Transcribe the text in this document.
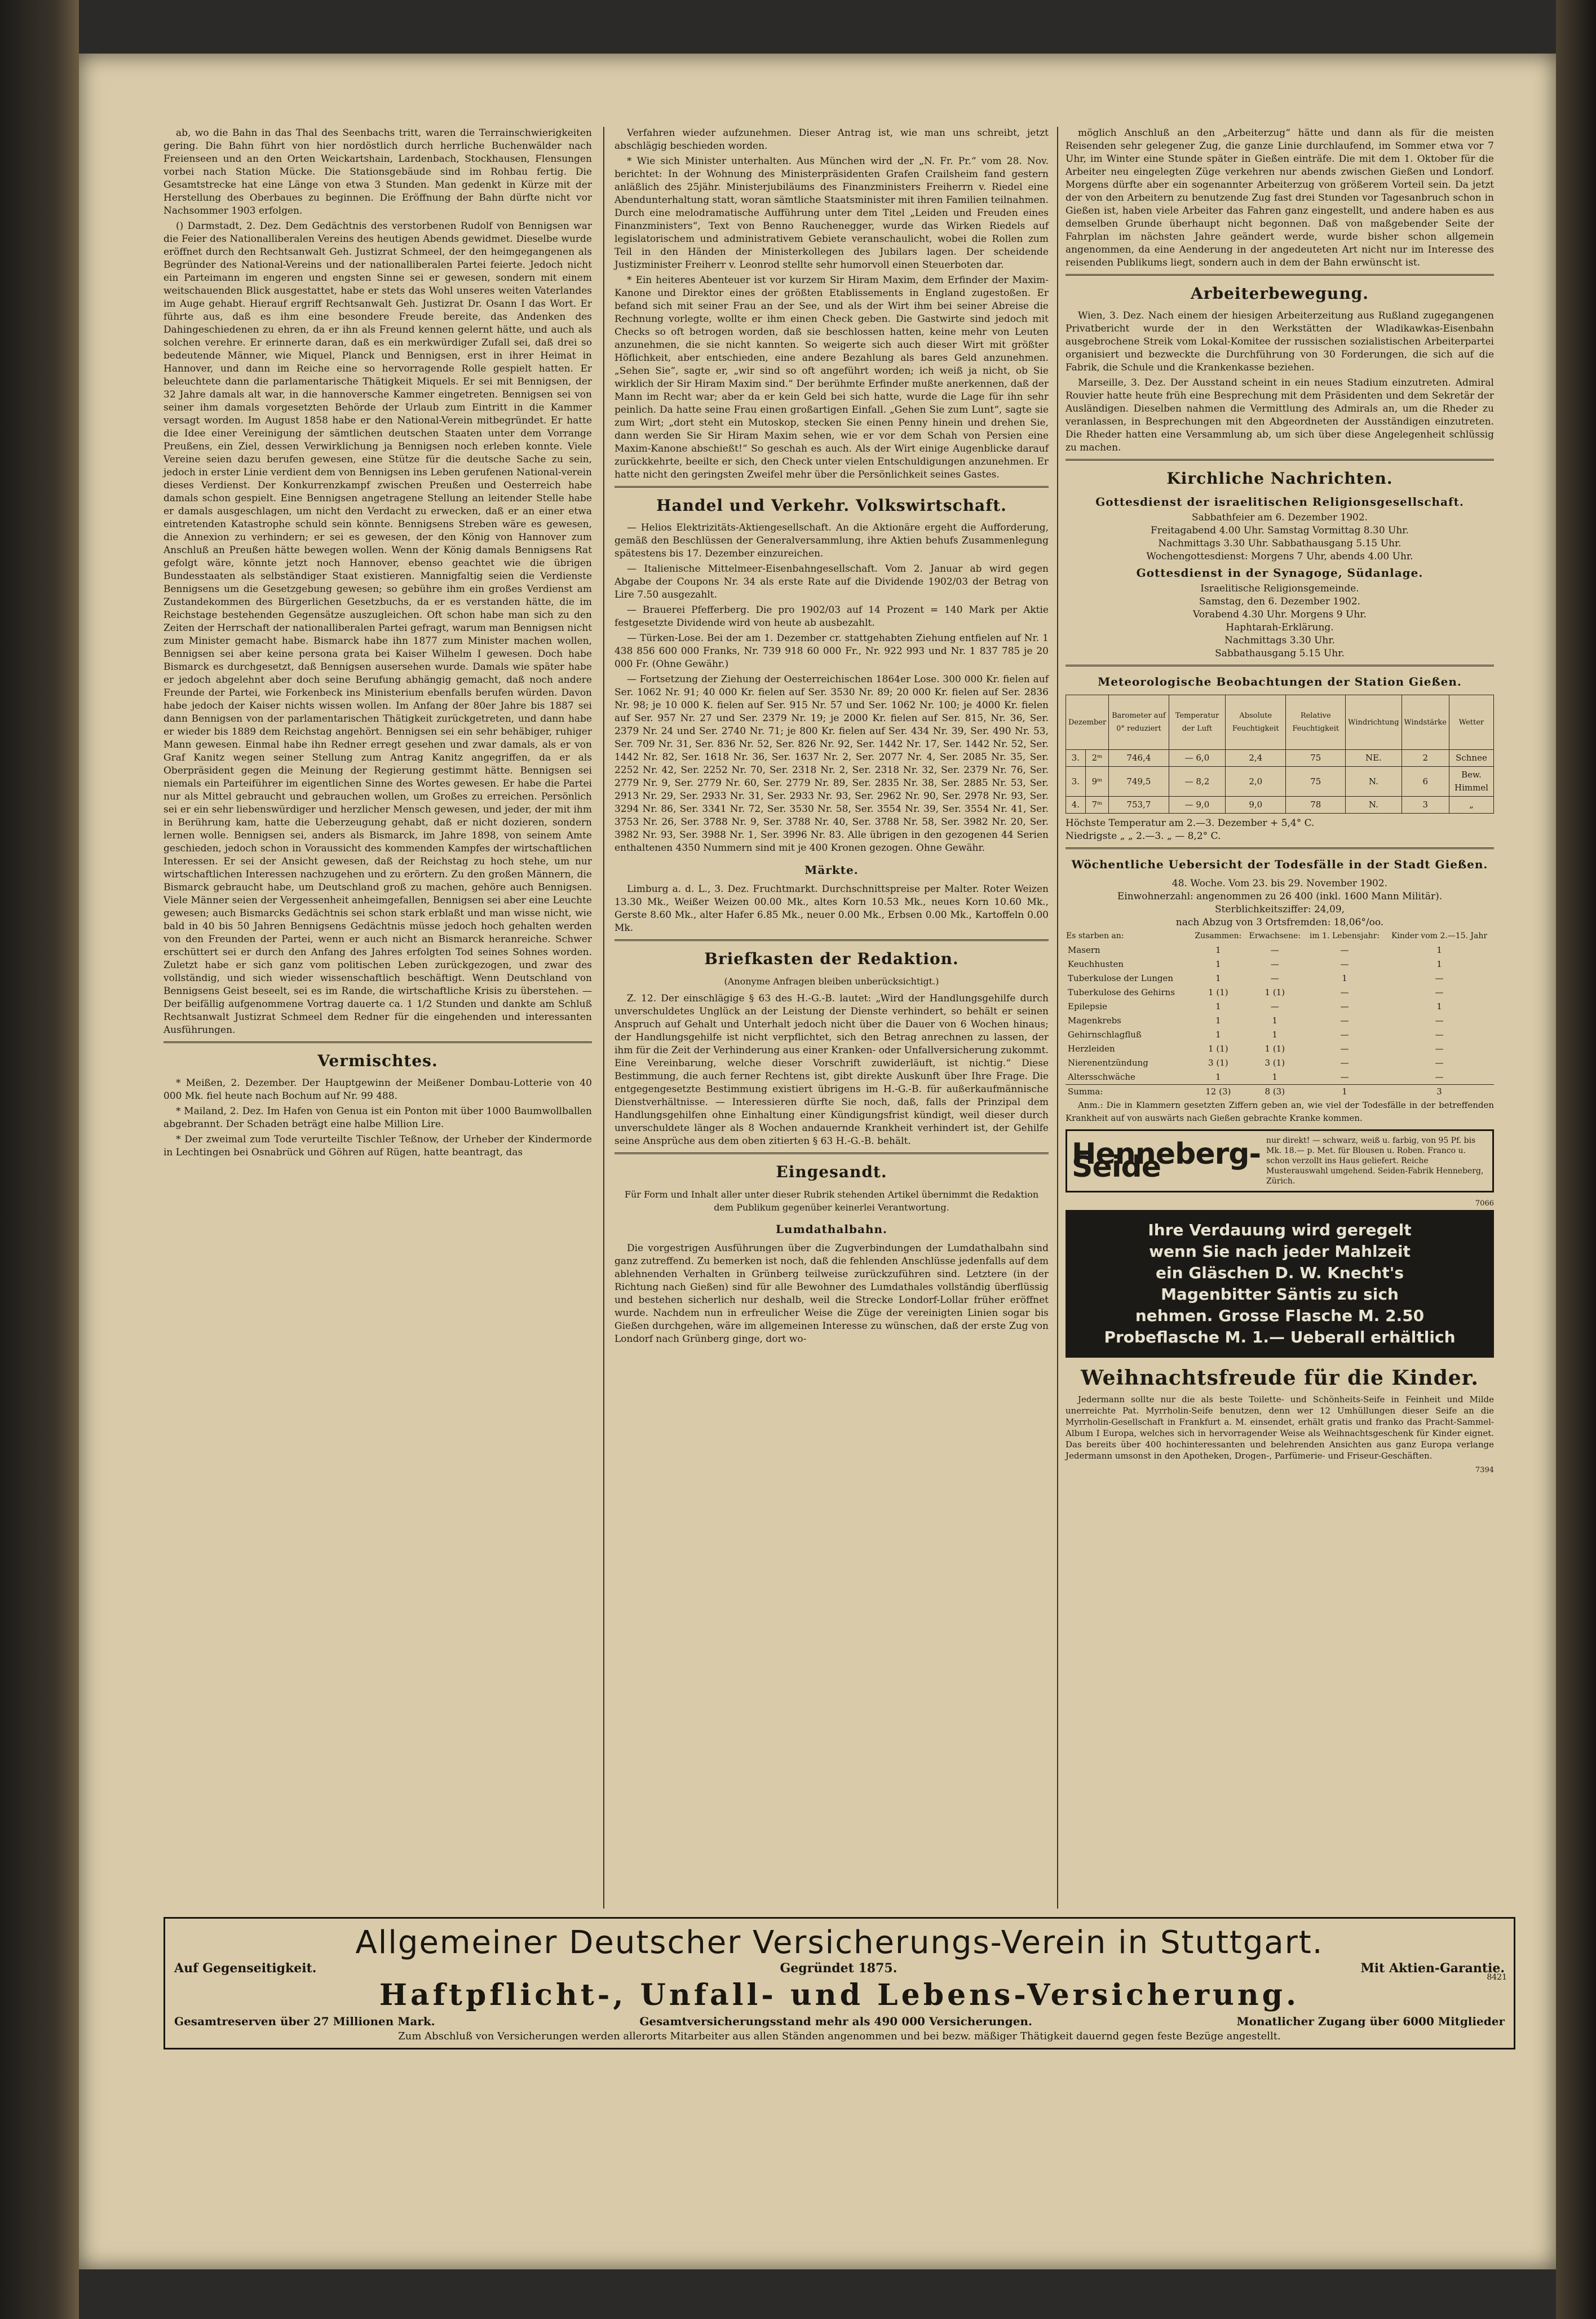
ab, wo die Bahn in das Thal des Seenbachs tritt, waren die Terrainschwierigkeiten gering. Die Bahn führt von hier nordöstlich durch herrliche Buchenwälder nach Freienseen und an den Orten Weickartshain, Lardenbach, Stockhausen, Flensungen vorbei nach Station Mücke. Die Stationsgebäude sind im Rohbau fertig. Die Gesamtstrecke hat eine Länge von etwa 3 Stunden. Man gedenkt in Kürze mit der Herstellung des Oberbaues zu beginnen. Die Eröffnung der Bahn dürfte nicht vor Nachsommer 1903 erfolgen.

() Darmstadt, 2. Dez. Dem Gedächtnis des verstorbenen Rudolf von Bennigsen war die Feier des Nationalliberalen Vereins des heutigen Abends gewidmet. Dieselbe wurde eröffnet durch den Rechtsanwalt Geh. Justizrat Schmeel, der den heimgegangenen als Begründer des National-Vereins und der nationalliberalen Partei feierte. Jedoch nicht ein Parteimann im engeren und engsten Sinne sei er gewesen, sondern mit einem weitschauenden Blick ausgestattet, habe er stets das Wohl unseres weiten Vaterlandes im Auge gehabt. Hierauf ergriff Rechtsanwalt Geh. Justizrat Dr. Osann I das Wort. Er führte aus, daß es ihm eine besondere Freude bereite, das Andenken des Dahingeschiedenen zu ehren, da er ihn als Freund kennen gelernt hätte, und auch als solchen verehre. Er erinnerte daran, daß es ein merkwürdiger Zufall sei, daß drei so bedeutende Männer, wie Miquel, Planck und Bennigsen, erst in ihrer Heimat in Hannover, und dann im Reiche eine so hervorragende Rolle gespielt hatten. Er beleuchtete dann die parlamentarische Thätigkeit Miquels. Er sei mit Bennigsen, der 32 Jahre damals alt war, in die hannoversche Kammer eingetreten. Bennigsen sei von seiner ihm damals vorgesetzten Behörde der Urlaub zum Eintritt in die Kammer versagt worden. Im August 1858 habe er den National-Verein mitbegründet. Er hatte die Idee einer Vereinigung der sämtlichen deutschen Staaten unter dem Vorrange Preußens, ein Ziel, dessen Verwirklichung ja Bennigsen noch erleben konnte. Viele Vereine seien dazu berufen gewesen, eine Stütze für die deutsche Sache zu sein, jedoch in erster Linie verdient dem von Bennigsen ins Leben gerufenen National-verein dieses Verdienst. Der Konkurrenzkampf zwischen Preußen und Oesterreich habe damals schon gespielt. Eine Bennigsen angetragene Stellung an leitender Stelle habe er damals ausgeschlagen, um nicht den Verdacht zu erwecken, daß er an einer etwa eintretenden Katastrophe schuld sein könnte. Bennigsens Streben wäre es gewesen, die Annexion zu verhindern; er sei es gewesen, der den König von Hannover zum Anschluß an Preußen hätte bewegen wollen. Wenn der König damals Bennigsens Rat gefolgt wäre, könnte jetzt noch Hannover, ebenso geachtet wie die übrigen Bundesstaaten als selbständiger Staat existieren. Mannigfaltig seien die Verdienste Bennigsens um die Gesetzgebung gewesen; so gebühre ihm ein großes Verdienst am Zustandekommen des Bürgerlichen Gesetzbuchs, da er es verstanden hätte, die im Reichstage bestehenden Gegensätze auszugleichen. Oft schon habe man sich zu den Zeiten der Herrschaft der nationalliberalen Partei gefragt, warum man Bennigsen nicht zum Minister gemacht habe. Bismarck habe ihn 1877 zum Minister machen wollen, Bennigsen sei aber keine persona grata bei Kaiser Wilhelm I gewesen. Doch habe Bismarck es durchgesetzt, daß Bennigsen ausersehen wurde. Damals wie später habe er jedoch abgelehnt aber doch seine Berufung abhängig gemacht, daß noch andere Freunde der Partei, wie Forkenbeck ins Ministerium ebenfalls berufen würden. Davon habe jedoch der Kaiser nichts wissen wollen. Im Anfang der 80er Jahre bis 1887 sei dann Bennigsen von der parlamentarischen Thätigkeit zurückgetreten, und dann habe er wieder bis 1889 dem Reichstag angehört. Bennigsen sei ein sehr behäbiger, ruhiger Mann gewesen. Einmal habe ihn Redner erregt gesehen und zwar damals, als er von Graf Kanitz wegen seiner Stellung zum Antrag Kanitz angegriffen, da er als Oberpräsident gegen die Meinung der Regierung gestimmt hätte. Bennigsen sei niemals ein Parteiführer im eigentlichen Sinne des Wortes gewesen. Er habe die Partei nur als Mittel gebraucht und gebrauchen wollen, um Großes zu erreichen. Persönlich sei er ein sehr liebenswürdiger und herzlicher Mensch gewesen, und jeder, der mit ihm in Berührung kam, hatte die Ueberzeugung gehabt, daß er nicht dozieren, sondern lernen wolle. Bennigsen sei, anders als Bismarck, im Jahre 1898, von seinem Amte geschieden, jedoch schon in Voraussicht des kommenden Kampfes der wirtschaftlichen Interessen. Er sei der Ansicht gewesen, daß der Reichstag zu hoch stehe, um nur wirtschaftlichen Interessen nachzugehen und zu erörtern. Zu den großen Männern, die Bismarck gebraucht habe, um Deutschland groß zu machen, gehöre auch Bennigsen. Viele Männer seien der Vergessenheit anheimgefallen, Bennigsen sei aber eine Leuchte gewesen; auch Bismarcks Gedächtnis sei schon stark erblaßt und man wisse nicht, wie bald in 40 bis 50 Jahren Bennigsens Gedächtnis müsse jedoch hoch gehalten werden von den Freunden der Partei, wenn er auch nicht an Bismarck heranreiche. Schwer erschüttert sei er durch den Anfang des Jahres erfolgten Tod seines Sohnes worden. Zuletzt habe er sich ganz vom politischen Leben zurückgezogen, und zwar des vollständig, und sich wieder wissenschaftlich beschäftigt. Wenn Deutschland von Bennigsens Geist beseelt, sei es im Rande, die wirtschaftliche Krisis zu überstehen. — Der beifällig aufgenommene Vortrag dauerte ca. 1 1/2 Stunden und dankte am Schluß Rechtsanwalt Justizrat Schmeel dem Redner für die eingehenden und interessanten Ausführungen.

Vermischtes.

* Meißen, 2. Dezember. Der Hauptgewinn der Meißener Dombau-Lotterie von 40 000 Mk. fiel heute nach Bochum auf Nr. 99 488.

* Mailand, 2. Dez. Im Hafen von Genua ist ein Ponton mit über 1000 Baumwollballen abgebrannt. Der Schaden beträgt eine halbe Million Lire.

* Der zweimal zum Tode verurteilte Tischler Teßnow, der Urheber der Kindermorde in Lechtingen bei Osnabrück und Göhren auf Rügen, hatte beantragt, das

Verfahren wieder aufzunehmen. Dieser Antrag ist, wie man uns schreibt, jetzt abschlägig beschieden worden.

* Wie sich Minister unterhalten. Aus München wird der „N. Fr. Pr.“ vom 28. Nov. berichtet: In der Wohnung des Ministerpräsidenten Grafen Crailsheim fand gestern anläßlich des 25jähr. Ministerjubiläums des Finanzministers Freiherrn v. Riedel eine Abendunterhaltung statt, woran sämtliche Staatsminister mit ihren Familien teilnahmen. Durch eine melodramatische Aufführung unter dem Titel „Leiden und Freuden eines Finanzministers“, Text von Benno Rauchenegger, wurde das Wirken Riedels auf legislatorischem und administrativem Gebiete veranschaulicht, wobei die Rollen zum Teil in den Händen der Ministerkollegen des Jubilars lagen. Der scheidende Justizminister Freiherr v. Leonrod stellte sehr humorvoll einen Steuerboten dar.

* Ein heiteres Abenteuer ist vor kurzem Sir Hiram Maxim, dem Erfinder der Maxim-Kanone und Direktor eines der größten Etablissements in England zugestoßen. Er befand sich mit seiner Frau an der See, und als der Wirt ihm bei seiner Abreise die Rechnung vorlegte, wollte er ihm einen Check geben. Die Gastwirte sind jedoch mit Checks so oft betrogen worden, daß sie beschlossen hatten, keine mehr von Leuten anzunehmen, die sie nicht kannten. So weigerte sich auch dieser Wirt mit größter Höflichkeit, aber entschieden, eine andere Bezahlung als bares Geld anzunehmen. „Sehen Sie“, sagte er, „wir sind so oft angeführt worden; ich weiß ja nicht, ob Sie wirklich der Sir Hiram Maxim sind.“ Der berühmte Erfinder mußte anerkennen, daß der Mann im Recht war; aber da er kein Geld bei sich hatte, wurde die Lage für ihn sehr peinlich. Da hatte seine Frau einen großartigen Einfall. „Gehen Sie zum Lunt“, sagte sie zum Wirt; „dort steht ein Mutoskop, stecken Sie einen Penny hinein und drehen Sie, dann werden Sie Sir Hiram Maxim sehen, wie er vor dem Schah von Persien eine Maxim-Kanone abschießt!“ So geschah es auch. Als der Wirt einige Augenblicke darauf zurückkehrte, beeilte er sich, den Check unter vielen Entschuldigungen anzunehmen. Er hatte nicht den geringsten Zweifel mehr über die Persönlichkeit seines Gastes.

Handel und Verkehr. Volkswirtschaft.

— Helios Elektrizitäts-Aktiengesellschaft. An die Aktionäre ergeht die Aufforderung, gemäß den Beschlüssen der Generalversammlung, ihre Aktien behufs Zusammenlegung spätestens bis 17. Dezember einzureichen.

— Italienische Mittelmeer-Eisenbahngesellschaft. Vom 2. Januar ab wird gegen Abgabe der Coupons Nr. 34 als erste Rate auf die Dividende 1902/03 der Betrag von Lire 7.50 ausgezahlt.

— Brauerei Pfefferberg. Die pro 1902/03 auf 14 Prozent = 140 Mark per Aktie festgesetzte Dividende wird von heute ab ausbezahlt.

— Türken-Lose. Bei der am 1. Dezember cr. stattgehabten Ziehung entfielen auf Nr. 1 438 856 600 000 Franks, Nr. 739 918 60 000 Fr., Nr. 922 993 und Nr. 1 837 785 je 20 000 Fr. (Ohne Gewähr.)

— Fortsetzung der Ziehung der Oesterreichischen 1864er Lose. 300 000 Kr. fielen auf Ser. 1062 Nr. 91; 40 000 Kr. fielen auf Ser. 3530 Nr. 89; 20 000 Kr. fielen auf Ser. 2836 Nr. 98; je 10 000 K. fielen auf Ser. 915 Nr. 57 und Ser. 1062 Nr. 100; je 4000 Kr. fielen auf Ser. 957 Nr. 27 und Ser. 2379 Nr. 19; je 2000 Kr. fielen auf Ser. 815, Nr. 36, Ser. 2379 Nr. 24 und Ser. 2740 Nr. 71; je 800 Kr. fielen auf Ser. 434 Nr. 39, Ser. 490 Nr. 53, Ser. 709 Nr. 31, Ser. 836 Nr. 52, Ser. 826 Nr. 92, Ser. 1442 Nr. 17, Ser. 1442 Nr. 52, Ser. 1442 Nr. 82, Ser. 1618 Nr. 36, Ser. 1637 Nr. 2, Ser. 2077 Nr. 4, Ser. 2085 Nr. 35, Ser. 2252 Nr. 42, Ser. 2252 Nr. 70, Ser. 2318 Nr. 2, Ser. 2318 Nr. 32, Ser. 2379 Nr. 76, Ser. 2779 Nr. 9, Ser. 2779 Nr. 60, Ser. 2779 Nr. 89, Ser. 2835 Nr. 38, Ser. 2885 Nr. 53, Ser. 2913 Nr. 29, Ser. 2933 Nr. 31, Ser. 2933 Nr. 93, Ser. 2962 Nr. 90, Ser. 2978 Nr. 93, Ser. 3294 Nr. 86, Ser. 3341 Nr. 72, Ser. 3530 Nr. 58, Ser. 3554 Nr. 39, Ser. 3554 Nr. 41, Ser. 3753 Nr. 26, Ser. 3788 Nr. 9, Ser. 3788 Nr. 40, Ser. 3788 Nr. 58, Ser. 3982 Nr. 20, Ser. 3982 Nr. 93, Ser. 3988 Nr. 1, Ser. 3996 Nr. 83. Alle übrigen in den gezogenen 44 Serien enthaltenen 4350 Nummern sind mit je 400 Kronen gezogen. Ohne Gewähr.

Märkte.

Limburg a. d. L., 3. Dez. Fruchtmarkt. Durchschnittspreise per Malter. Roter Weizen 13.30 Mk., Weißer Weizen 00.00 Mk., altes Korn 10.53 Mk., neues Korn 10.60 Mk., Gerste 8.60 Mk., alter Hafer 6.85 Mk., neuer 0.00 Mk., Erbsen 0.00 Mk., Kartoffeln 0.00 Mk.

Briefkasten der Redaktion.
(Anonyme Anfragen bleiben unberücksichtigt.)

Z. 12. Der einschlägige § 63 des H.-G.-B. lautet: „Wird der Handlungsgehilfe durch unverschuldetes Unglück an der Leistung der Dienste verhindert, so behält er seinen Anspruch auf Gehalt und Unterhalt jedoch nicht über die Dauer von 6 Wochen hinaus; der Handlungsgehilfe ist nicht verpflichtet, sich den Betrag anrechnen zu lassen, der ihm für die Zeit der Verhinderung aus einer Kranken- oder Unfallversicherung zukommt. Eine Vereinbarung, welche dieser Vorschrift zuwiderläuft, ist nichtig.“ Diese Bestimmung, die auch ferner Rechtens ist, gibt direkte Auskunft über Ihre Frage. Die entgegengesetzte Bestimmung existiert übrigens im H.-G.-B. für außerkaufmännische Dienstverhältnisse. — Interessieren dürfte Sie noch, daß, falls der Prinzipal dem Handlungsgehilfen ohne Einhaltung einer Kündigungsfrist kündigt, weil dieser durch unverschuldete länger als 8 Wochen andauernde Krankheit verhindert ist, der Gehilfe seine Ansprüche aus dem oben zitierten § 63 H.-G.-B. behält.

Eingesandt.
Für Form und Inhalt aller unter dieser Rubrik stehenden Artikel übernimmt die Redaktion dem Publikum gegenüber keinerlei Verantwortung.
Lumdathalbahn.

Die vorgestrigen Ausführungen über die Zugverbindungen der Lumdathalbahn sind ganz zutreffend. Zu bemerken ist noch, daß die fehlenden Anschlüsse jedenfalls auf dem ablehnenden Verhalten in Grünberg teilweise zurückzuführen sind. Letztere (in der Richtung nach Gießen) sind für alle Bewohner des Lumdathales vollständig überflüssig und bestehen sicherlich nur deshalb, weil die Strecke Londorf-Lollar früher eröffnet wurde. Nachdem nun in erfreulicher Weise die Züge der vereinigten Linien sogar bis Gießen durchgehen, wäre im allgemeinen Interesse zu wünschen, daß der erste Zug von Londorf nach Grünberg ginge, dort wo-

möglich Anschluß an den „Arbeiterzug“ hätte und dann als für die meisten Reisenden sehr gelegener Zug, die ganze Linie durchlaufend, im Sommer etwa vor 7 Uhr, im Winter eine Stunde später in Gießen einträfe. Die mit dem 1. Oktober für die Arbeiter neu eingelegten Züge verkehren nur abends zwischen Gießen und Londorf. Morgens dürfte aber ein sogenannter Arbeiterzug von größerem Vorteil sein. Da jetzt der von den Arbeitern zu benutzende Zug fast drei Stunden vor Tagesanbruch schon in Gießen ist, haben viele Arbeiter das Fahren ganz eingestellt, und andere haben es aus demselben Grunde überhaupt nicht begonnen. Daß von maßgebender Seite der Fahrplan im nächsten Jahre geändert werde, wurde bisher schon allgemein angenommen, da eine Aenderung in der angedeuteten Art nicht nur im Interesse des reisenden Publikums liegt, sondern auch in dem der Bahn erwünscht ist.

Arbeiterbewegung.

Wien, 3. Dez. Nach einem der hiesigen Arbeiterzeitung aus Rußland zugegangenen Privatbericht wurde der in den Werkstätten der Wladikawkas-Eisenbahn ausgebrochene Streik vom Lokal-Komitee der russischen sozialistischen Arbeiterpartei organisiert und bezweckte die Durchführung von 30 Forderungen, die sich auf die Fabrik, die Schule und die Krankenkasse beziehen.

Marseille, 3. Dez. Der Ausstand scheint in ein neues Stadium einzutreten. Admiral Rouvier hatte heute früh eine Besprechung mit dem Präsidenten und dem Sekretär der Ausländigen. Dieselben nahmen die Vermittlung des Admirals an, um die Rheder zu veranlassen, in Besprechungen mit den Abgeordneten der Ausständigen einzutreten. Die Rheder hatten eine Versammlung ab, um sich über diese Angelegenheit schlüssig zu machen.

Kirchliche Nachrichten.
Gottesdienst der israelitischen Religionsgesellschaft.
Sabbathfeier am 6. Dezember 1902.
Freitagabend 4.00 Uhr. Samstag Vormittag 8.30 Uhr.
Nachmittags 3.30 Uhr. Sabbathausgang 5.15 Uhr.
Wochengottesdienst: Morgens 7 Uhr, abends 4.00 Uhr.
Gottesdienst in der Synagoge, Südanlage.
Israelitische Religionsgemeinde.
Samstag, den 6. Dezember 1902.
Vorabend 4.30 Uhr. Morgens 9 Uhr.
Haphtarah-Erklärung.
Nachmittags 3.30 Uhr.
Sabbathausgang 5.15 Uhr.
Meteorologische Beobachtungen der Station Gießen.
Dezember		Barometer auf 0° reduziert	Temperatur der Luft	Absolute Feuchtigkeit	Relative Feuchtigkeit	Windrichtung	Windstärke	Wetter
3.	2ᵐ	746,4	— 6,0	2,4	75	NE.	2	Schnee
3.	9ᵐ	749,5	— 8,2	2,0	75	N.	6	Bew. Himmel
4.	7ᵐ	753,7	— 9,0	9,0	78	N.	3	„
Höchste Temperatur am 2.—3. Dezember + 5,4° C.
Niedrigste „ „ 2.—3. „ — 8,2° C.
Wöchentliche Uebersicht der Todesfälle in der Stadt Gießen.
48. Woche. Vom 23. bis 29. November 1902.
Einwohnerzahl: angenommen zu 26 400 (inkl. 1600 Mann Militär).
Sterblichkeitsziffer: 24,09,
nach Abzug von 3 Ortsfremden: 18,06°/oo.
Es starben an:	Zusammen:	Erwachsene:	im 1. Lebensjahr:	Kinder vom 2.—15. Jahr
Masern	1	—	—	1
Keuchhusten	1	—	—	1
Tuberkulose der Lungen	1	—	1	—
Tuberkulose des Gehirns	1 (1)	1 (1)	—	—
Epilepsie	1	—	—	1
Magenkrebs	1	1	—	—
Gehirnschlagfluß	1	1	—	—
Herzleiden	1 (1)	1 (1)	—	—
Nierenentzündung	3 (1)	3 (1)	—	—
Altersschwäche	1	1	—	—
Summa:	12 (3)	8 (3)	1	3

Anm.: Die in Klammern gesetzten Ziffern geben an, wie viel der Todesfälle in der betreffenden Krankheit auf von auswärts nach Gießen gebrachte Kranke kommen.

Henneberg-Seide
nur direkt! — schwarz, weiß u. farbig, von 95 Pf. bis Mk. 18.— p. Met. für Blousen u. Roben. Franco u. schon verzollt ins Haus geliefert. Reiche Musterauswahl umgehend. Seiden-Fabrik Henneberg, Zürich.
7066
Ihre Verdauung wird geregelt
wenn Sie nach jeder Mahlzeit
ein Gläschen D. W. Knecht's
Magenbitter Säntis zu sich
nehmen. Grosse Flasche M. 2.50
Probeflasche M. 1.— Ueberall erhältlich
Weihnachtsfreude für die Kinder.

Jedermann sollte nur die als beste Toilette- und Schönheits-Seife in Feinheit und Milde unerreichte Pat. Myrrholin-Seife benutzen, denn wer 12 Umhüllungen dieser Seife an die Myrrholin-Gesellschaft in Frankfurt a. M. einsendet, erhält gratis und franko das Pracht-Sammel-Album I Europa, welches sich in hervorragender Weise als Weihnachtsgeschenk für Kinder eignet. Das bereits über 400 hochinteressanten und belehrenden Ansichten aus ganz Europa verlange Jedermann umsonst in den Apotheken, Drogen-, Parfümerie- und Friseur-Geschäften.

7394
Allgemeiner Deutscher Versicherungs-Verein in Stuttgart.
Auf Gegenseitigkeit.	Gegründet 1875.	Mit Aktien-Garantie.
Haftpflicht-, Unfall- und Lebens-Versicherung.
Gesamtreserven über 27 Millionen Mark.	Gesamtversicherungsstand mehr als 490 000 Versicherungen.	Monatlicher Zugang über 6000 Mitglieder
Zum Abschluß von Versicherungen werden allerorts Mitarbeiter aus allen Ständen angenommen und bei bezw. mäßiger Thätigkeit dauernd gegen feste Bezüge angestellt.
8421
